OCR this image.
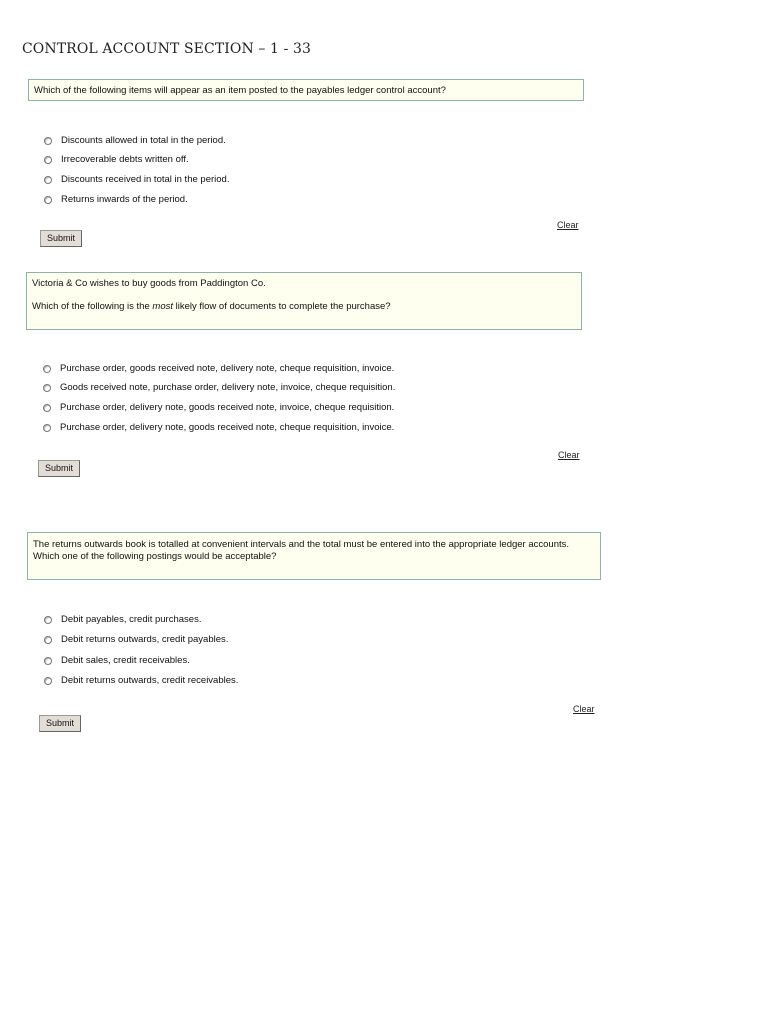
CONTROL ACCOUNT SECTION – 1 - 33

Which of the following items will appear as an item posted to the payables ledger control account?

Discounts allowed in total in the period.
Irrecoverable debts written off.
Discounts received in total in the period.
Returns inwards of the period.
Clear
Submit

Victoria & Co wishes to buy goods from Paddington Co.

Which of the following is the most likely flow of documents to complete the purchase?

Purchase order, goods received note, delivery note, cheque requisition, invoice.
Goods received note, purchase order, delivery note, invoice, cheque requisition.
Purchase order, delivery note, goods received note, invoice, cheque requisition.
Purchase order, delivery note, goods received note, cheque requisition, invoice.
Clear
Submit

The returns outwards book is totalled at convenient intervals and the total must be entered into the appropriate ledger accounts.

Which one of the following postings would be acceptable?

Debit payables, credit purchases.
Debit returns outwards, credit payables.
Debit sales, credit receivables.
Debit returns outwards, credit receivables.
Clear
Submit
